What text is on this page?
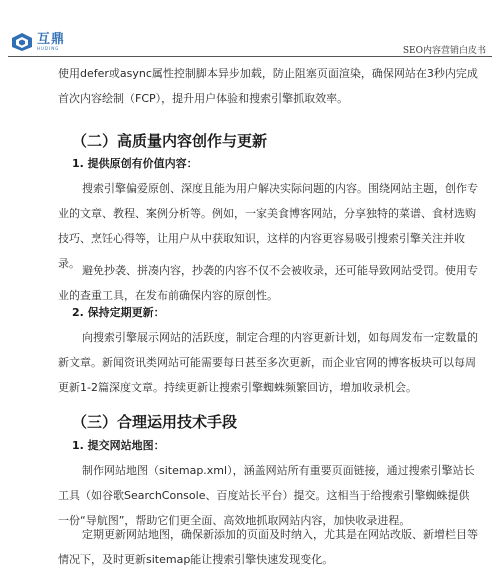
互鼎
HUDING	SEO内容营销白皮书

使用defer或async属性控制脚本异步加载，防止阻塞页面渲染，确保网站在3秒内完成首次内容绘制（FCP），提升用户体验和搜索引擎抓取效率。

（二）高质量内容创作与更新
1. 提供原创有价值内容：

搜索引擎偏爱原创、深度且能为用户解决实际问题的内容。围绕网站主题，创作专业的文章、教程、案例分析等。例如，一家美食博客网站，分享独特的菜谱、食材选购技巧、烹饪心得等，让用户从中获取知识，这样的内容更容易吸引搜索引擎关注并收录。

避免抄袭、拼凑内容，抄袭的内容不仅不会被收录，还可能导致网站受罚。使用专业的查重工具，在发布前确保内容的原创性。

2. 保持定期更新：

向搜索引擎展示网站的活跃度，制定合理的内容更新计划，如每周发布一定数量的新文章。新闻资讯类网站可能需要每日甚至多次更新，而企业官网的博客板块可以每周更新1-2篇深度文章。持续更新让搜索引擎蜘蛛频繁回访，增加收录机会。

（三）合理运用技术手段
1. 提交网站地图：

制作网站地图（sitemap.xml），涵盖网站所有重要页面链接，通过搜索引擎站长工具（如谷歌SearchConsole、百度站长平台）提交。这相当于给搜索引擎蜘蛛提供一份“导航图”，帮助它们更全面、高效地抓取网站内容，加快收录进程。

定期更新网站地图，确保新添加的页面及时纳入，尤其是在网站改版、新增栏目等情况下，及时更新sitemap能让搜索引擎快速发现变化。
